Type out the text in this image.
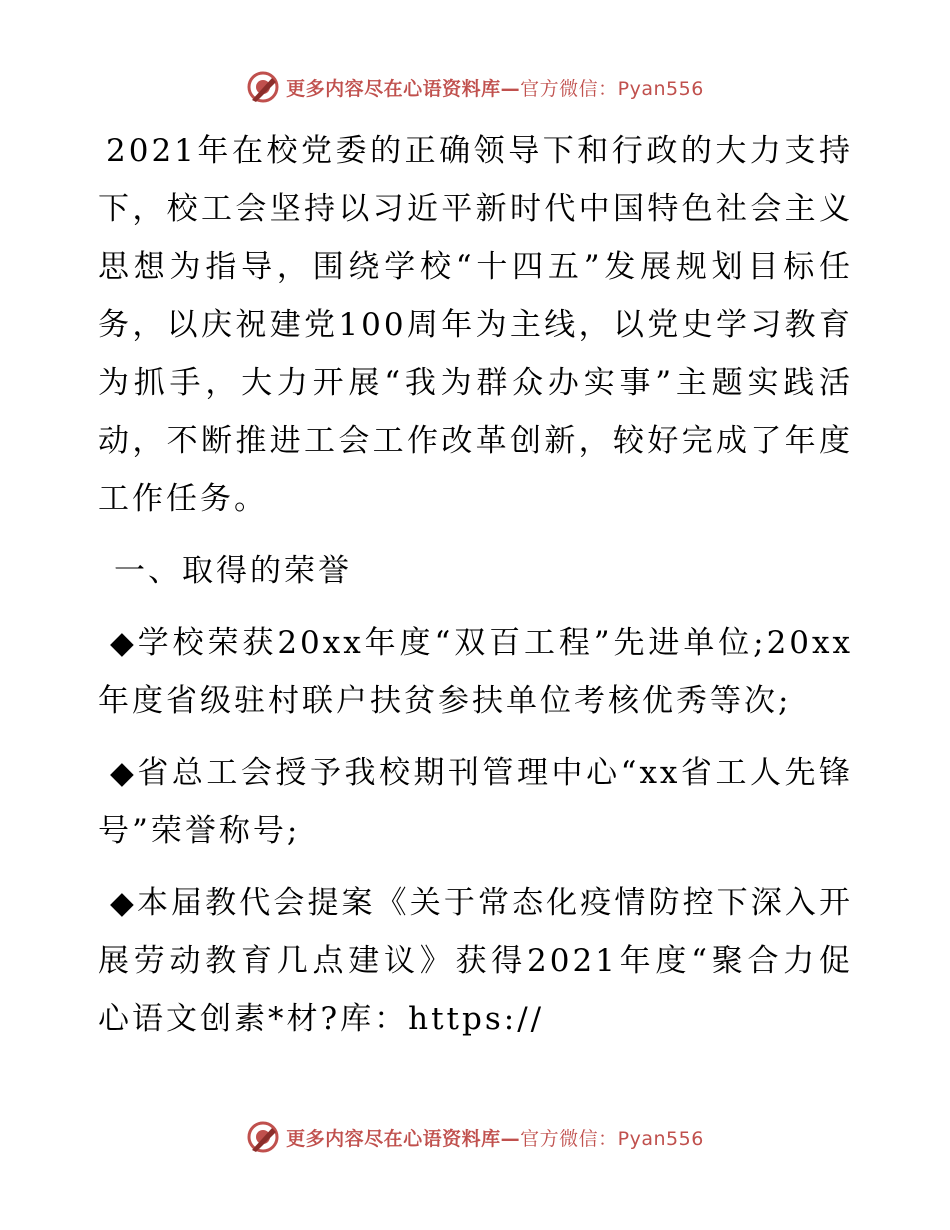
更多内容尽在心语资料库—官方微信：Pyan556

2021年在校党委的正确领导下和行政的大力支持下，校工会坚持以习近平新时代中国特色社会主义思想为指导，围绕学校“十四五”发展规划目标任务，以庆祝建党100周年为主线，以党史学习教育为抓手，大力开展“我为群众办实事”主题实践活动，不断推进工会工作改革创新，较好完成了年度工作任务。

一、取得的荣誉

◆学校荣获20xx年度“双百工程”先进单位;20xx年度省级驻村联户扶贫参扶单位考核优秀等次;

◆省总工会授予我校期刊管理中心“xx省工人先锋号”荣誉称号;

◆本届教代会提案《关于常态化疫情防控下深入开展劳动教育几点建议》获得2021年度“聚合力促心语文创素*材?库：https://

更多内容尽在心语资料库—官方微信：Pyan556
